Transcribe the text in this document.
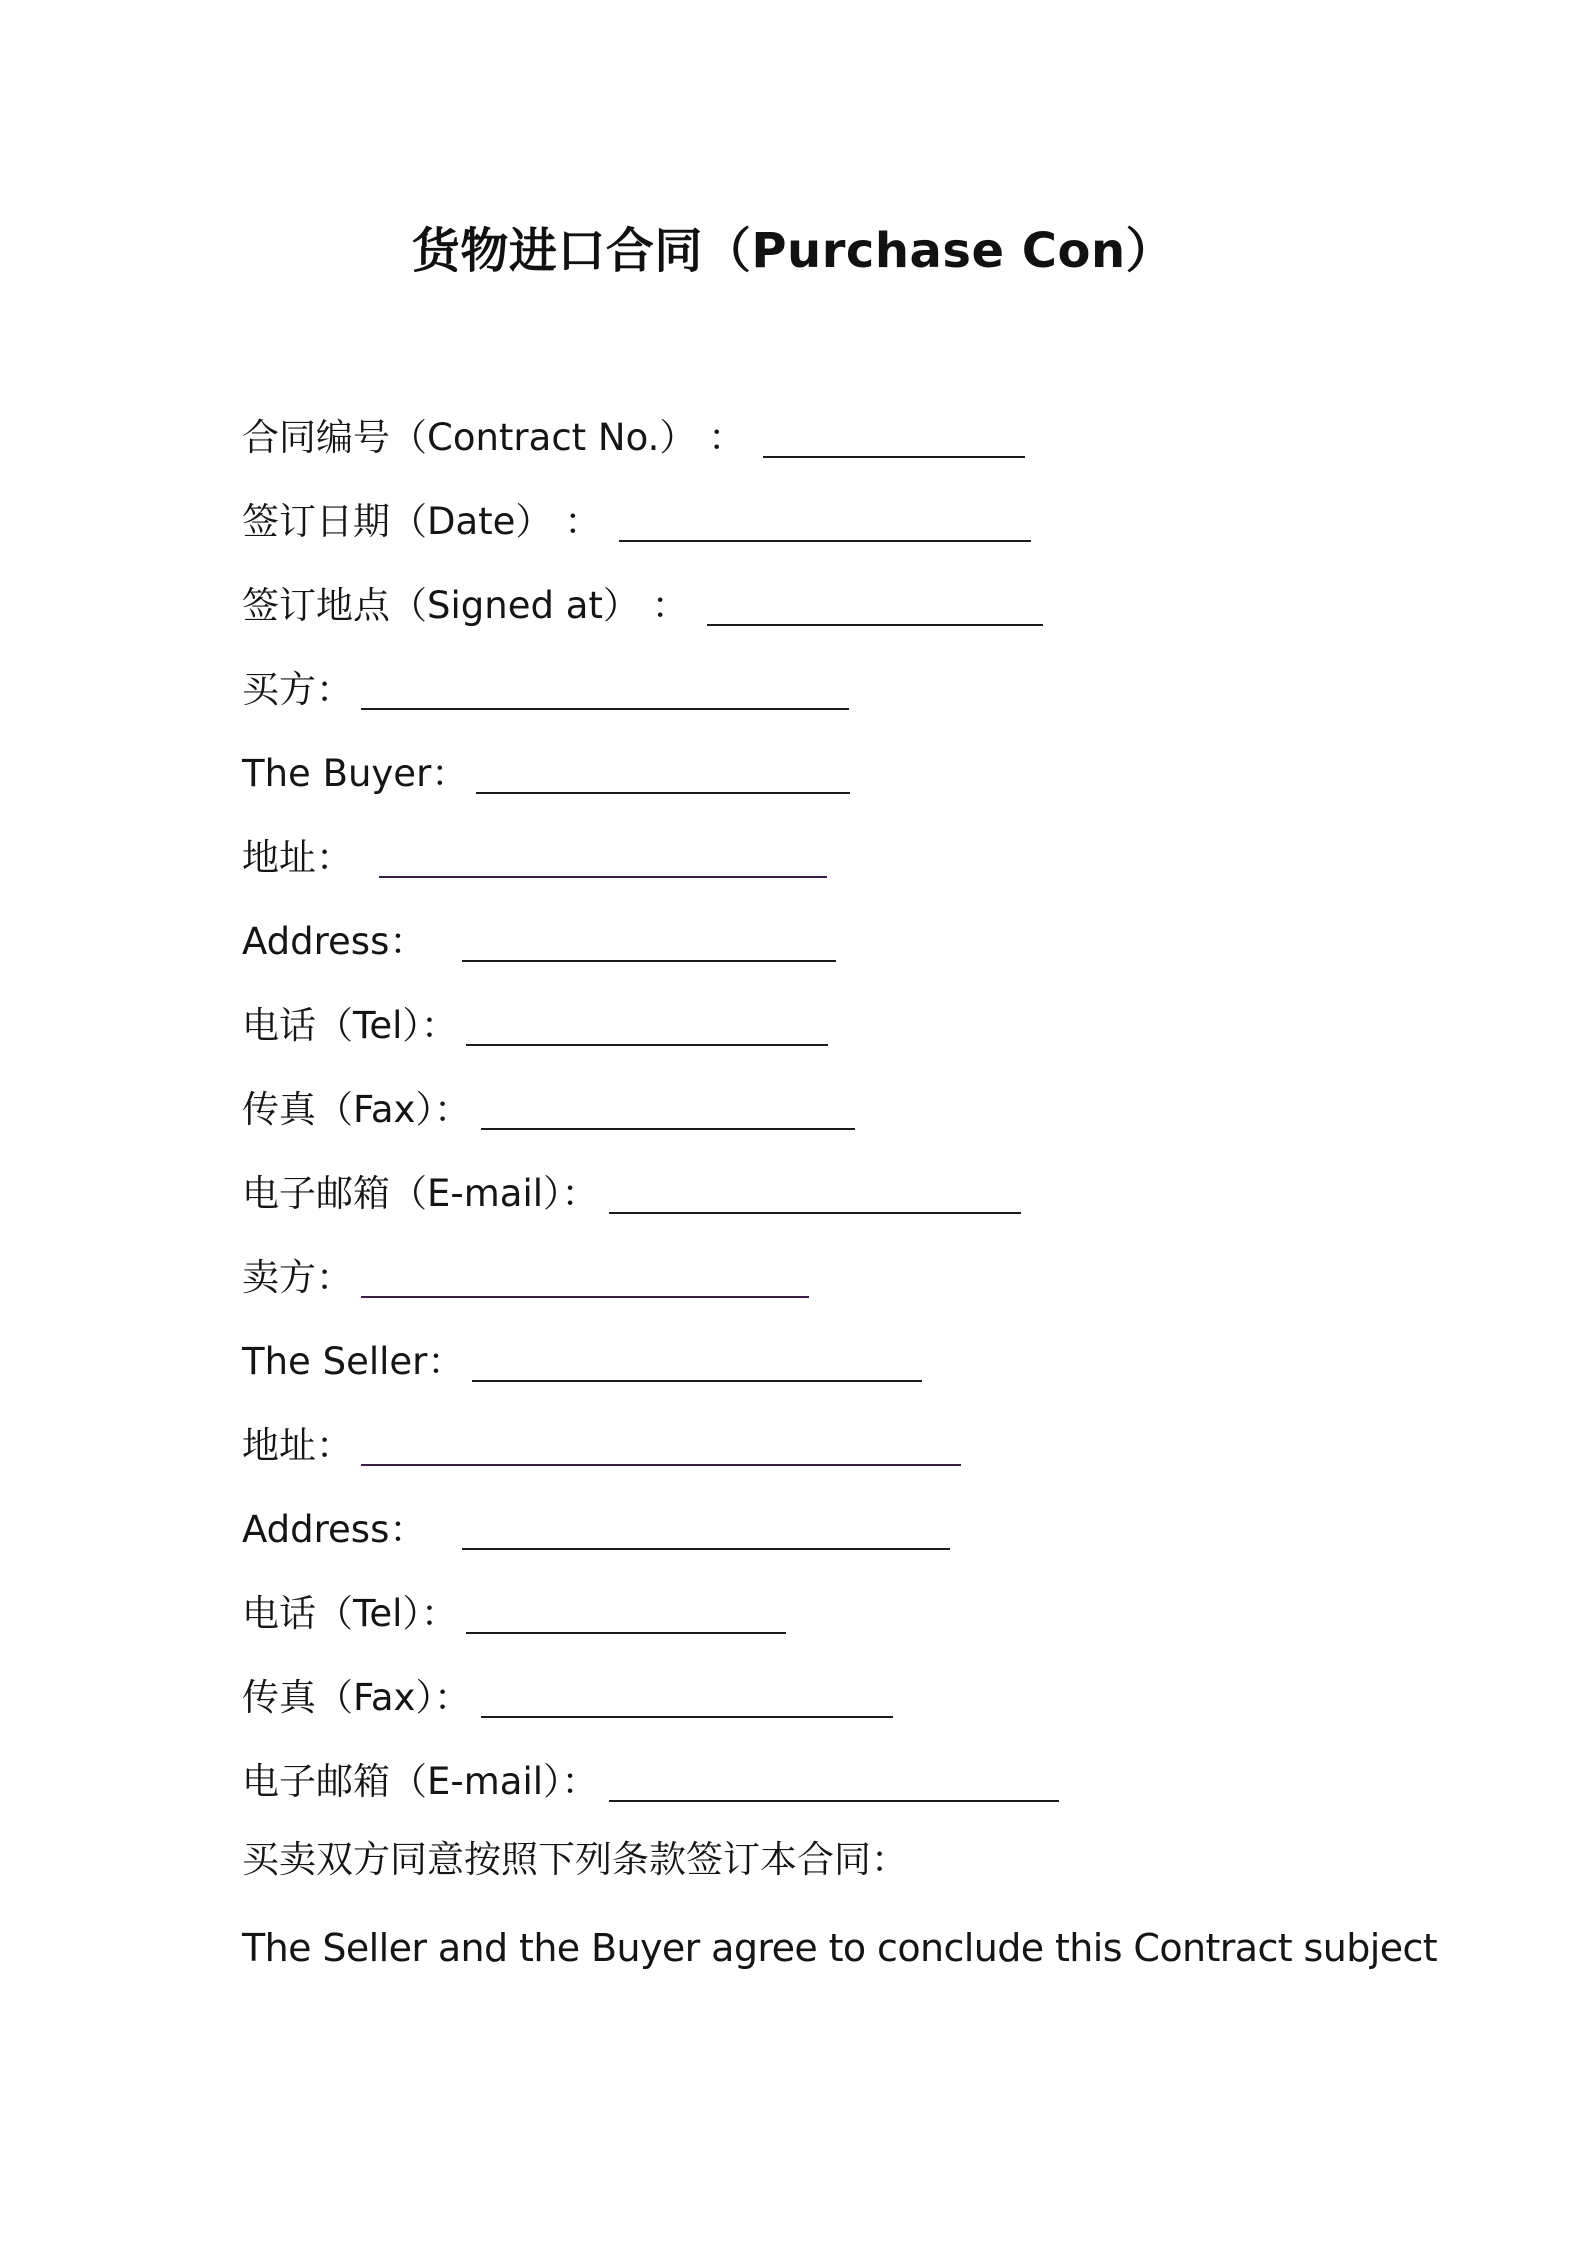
货物进口合同（Purchase Con）
合同编号（Contract No.） ：
签订日期（Date） ：
签订地点（Signed at） ：
买方：
The Buyer：
地址：
Address：
电话（Tel）：
传真（Fax）：
电子邮箱（E-mail）：
卖方：
The Seller：
地址：
Address：
电话（Tel）：
传真（Fax）：
电子邮箱（E-mail）：
买卖双方同意按照下列条款签订本合同：
The Seller and the Buyer agree to conclude this Contract subject
